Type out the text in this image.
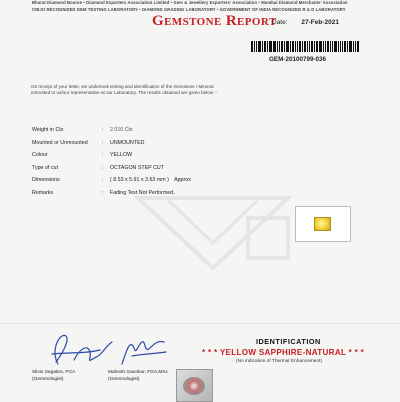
Bharat Diamond Bourse • Diamond Exporters Association Limited • Gem & Jewellery Exporters' Association • Mumbai Diamond Merchants' Association
CIBJO RECOGNIZED GEM TESTING LABORATORY • DIAMOND GRADING LABORATORY • GOVERNMENT OF INDIA RECOGNIZED R & D LABORATORY
Gemstone Report
Date: 27-Feb-2021
GEM-20100799-036
On receipt of your letter, we undertook testing and identification of the Gemstone / Mineral
entrusted to us/our representative at our Laboratory. The results obtained are given below :-
Weight in Cts	:	2.010 Cts
Mounted or Unmounted	:	UNMOUNTED
Colour	:	YELLOW
Type of cut	:	OCTAGON STEP CUT
Dimensions	:	( 8.53 x 5.91 x 3.63 mm ) Approx
Remarks	:	Fading Test Not Performed.
IDENTIFICATION
* * * YELLOW SAPPHIRE-NATURAL * * *
(No indication of Thermal Enhancement)
Silvio Segatira, FGA
(Gemmologist)
Mahesh Gaonkar, FGA,MSc
(Gemmologist)
